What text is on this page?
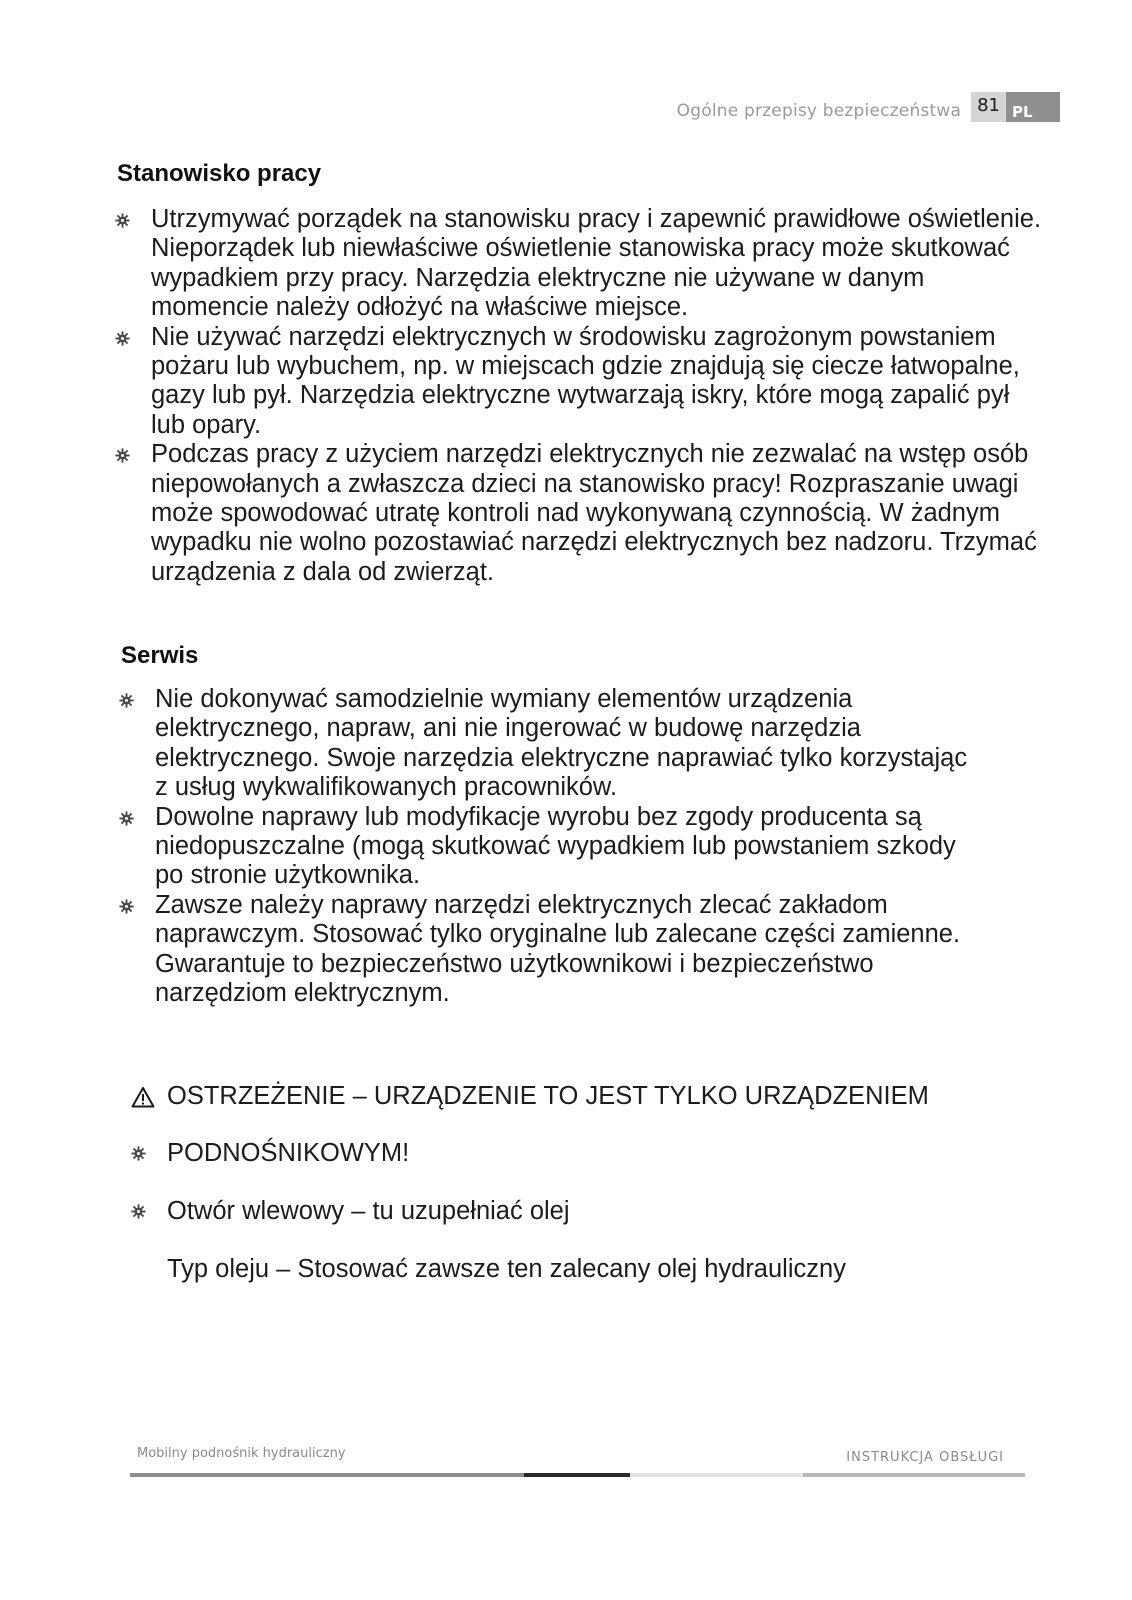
Ogólne przepisy bezpieczeństwa 81 PL
Stanowisko pracy
Utrzymywać porządek na stanowisku pracy i zapewnić prawidłowe oświetlenie. Nieporządek lub niewłaściwe oświetlenie stanowiska pracy może skutkować wypadkiem przy pracy. Narzędzia elektryczne nie używane w danym momencie należy odłożyć na właściwe miejsce.
Nie używać narzędzi elektrycznych w środowisku zagrożonym powstaniem pożaru lub wybuchem, np. w miejscach gdzie znajdują się ciecze łatwopalne, gazy lub pył. Narzędzia elektryczne wytwarzają iskry, które mogą zapalić pył lub opary.
Podczas pracy z użyciem narzędzi elektrycznych nie zezwalać na wstęp osób niepowołanych a zwłaszcza dzieci na stanowisko pracy! Rozpraszanie uwagi może spowodować utratę kontroli nad wykonywaną czynnością. W żadnym wypadku nie wolno pozostawiać narzędzi elektrycznych bez nadzoru. Trzymać urządzenia z dala od zwierząt.
Serwis
Nie dokonywać samodzielnie wymiany elementów urządzenia elektrycznego, napraw, ani nie ingerować w budowę narzędzia elektrycznego. Swoje narzędzia elektryczne naprawiać tylko korzystając z usług wykwalifikowanych pracowników.
Dowolne naprawy lub modyfikacje wyrobu bez zgody producenta są niedopuszczalne (mogą skutkować wypadkiem lub powstaniem szkody po stronie użytkownika.
Zawsze należy naprawy narzędzi elektrycznych zlecać zakładom naprawczym. Stosować tylko oryginalne lub zalecane części zamienne. Gwarantuje to bezpieczeństwo użytkownikowi i bezpieczeństwo narzędziom elektrycznym.
OSTRZEŻENIE – URZĄDZENIE TO JEST TYLKO URZĄDZENIEM
PODNOŚNIKOWYM!
Otwór wlewowy – tu uzupełniać olej
Typ oleju – Stosować zawsze ten zalecany olej hydrauliczny
Mobilny podnośnik hydrauliczny	INSTRUKCJA OBSŁUGI
